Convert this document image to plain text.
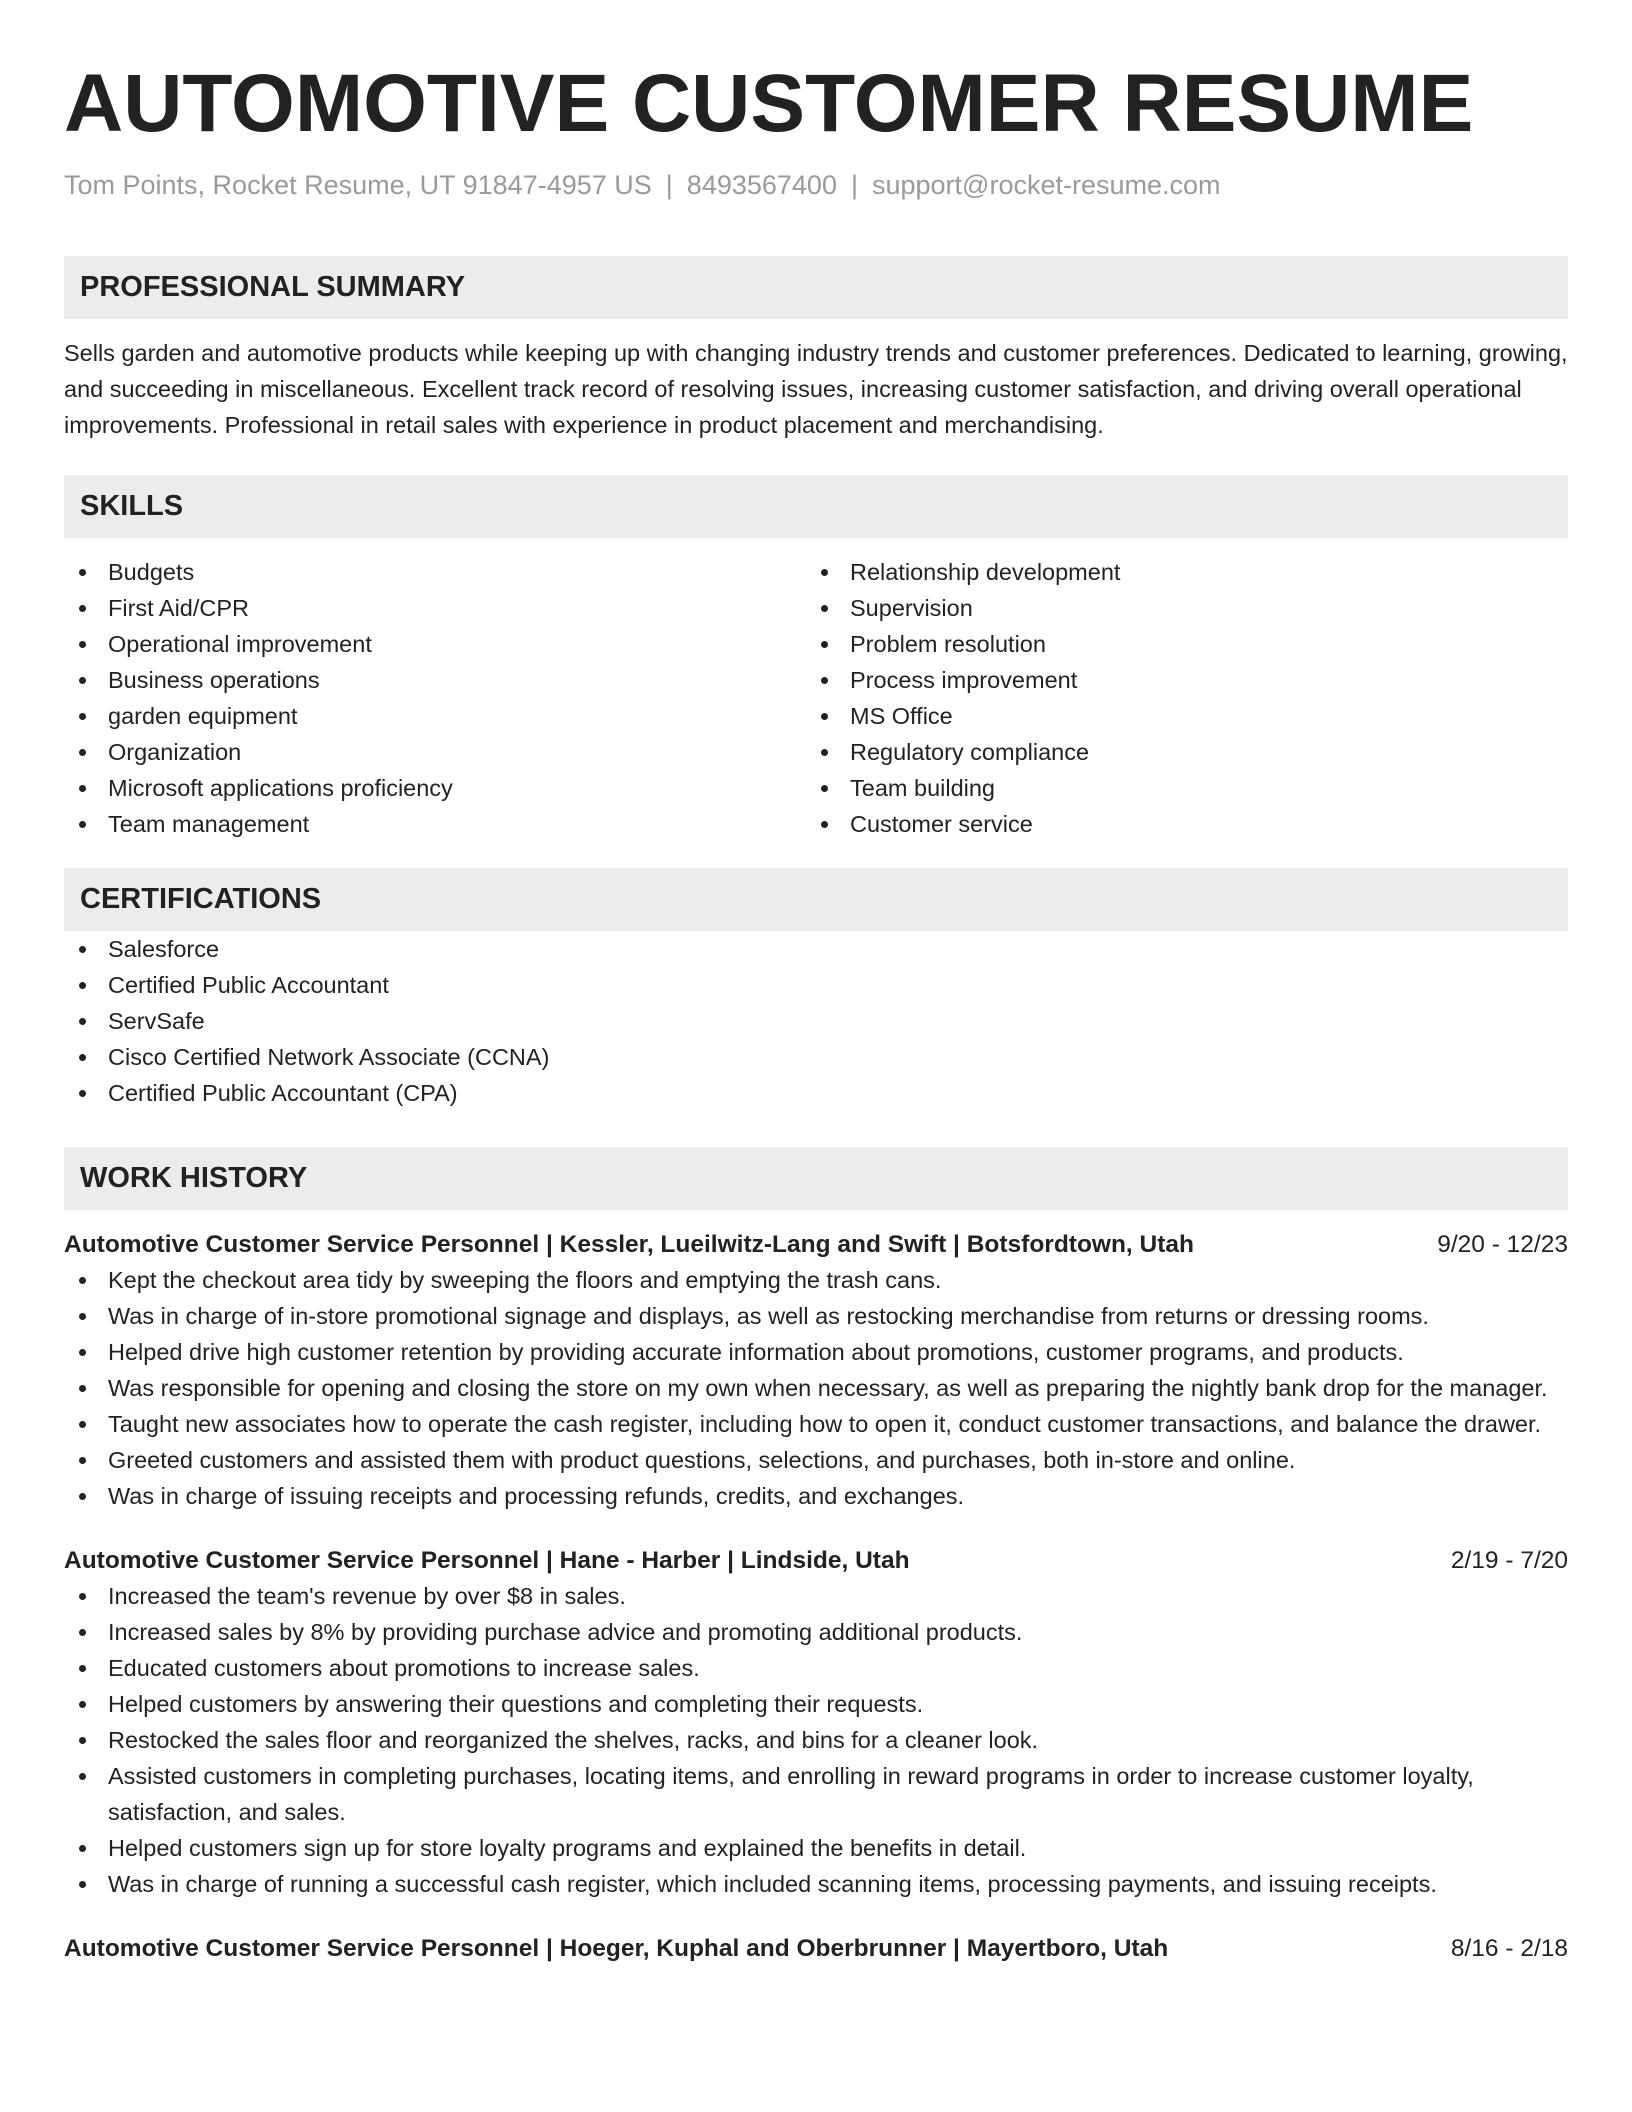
AUTOMOTIVE CUSTOMER RESUME
Tom Points, Rocket Resume, UT 91847-4957 US | 8493567400 | support@rocket-resume.com
PROFESSIONAL SUMMARY
Sells garden and automotive products while keeping up with changing industry trends and customer preferences. Dedicated to learning, growing, and succeeding in miscellaneous. Excellent track record of resolving issues, increasing customer satisfaction, and driving overall operational improvements. Professional in retail sales with experience in product placement and merchandising.
SKILLS
Budgets
First Aid/CPR
Operational improvement
Business operations
garden equipment
Organization
Microsoft applications proficiency
Team management
Relationship development
Supervision
Problem resolution
Process improvement
MS Office
Regulatory compliance
Team building
Customer service
CERTIFICATIONS
Salesforce
Certified Public Accountant
ServSafe
Cisco Certified Network Associate (CCNA)
Certified Public Accountant (CPA)
WORK HISTORY
Automotive Customer Service Personnel | Kessler, Lueilwitz-Lang and Swift | Botsfordtown, Utah	9/20 - 12/23
Kept the checkout area tidy by sweeping the floors and emptying the trash cans.
Was in charge of in-store promotional signage and displays, as well as restocking merchandise from returns or dressing rooms.
Helped drive high customer retention by providing accurate information about promotions, customer programs, and products.
Was responsible for opening and closing the store on my own when necessary, as well as preparing the nightly bank drop for the manager.
Taught new associates how to operate the cash register, including how to open it, conduct customer transactions, and balance the drawer.
Greeted customers and assisted them with product questions, selections, and purchases, both in-store and online.
Was in charge of issuing receipts and processing refunds, credits, and exchanges.
Automotive Customer Service Personnel | Hane - Harber | Lindside, Utah	2/19 - 7/20
Increased the team's revenue by over $8 in sales.
Increased sales by 8% by providing purchase advice and promoting additional products.
Educated customers about promotions to increase sales.
Helped customers by answering their questions and completing their requests.
Restocked the sales floor and reorganized the shelves, racks, and bins for a cleaner look.
Assisted customers in completing purchases, locating items, and enrolling in reward programs in order to increase customer loyalty, satisfaction, and sales.
Helped customers sign up for store loyalty programs and explained the benefits in detail.
Was in charge of running a successful cash register, which included scanning items, processing payments, and issuing receipts.
Automotive Customer Service Personnel | Hoeger, Kuphal and Oberbrunner | Mayertboro, Utah	8/16 - 2/18
